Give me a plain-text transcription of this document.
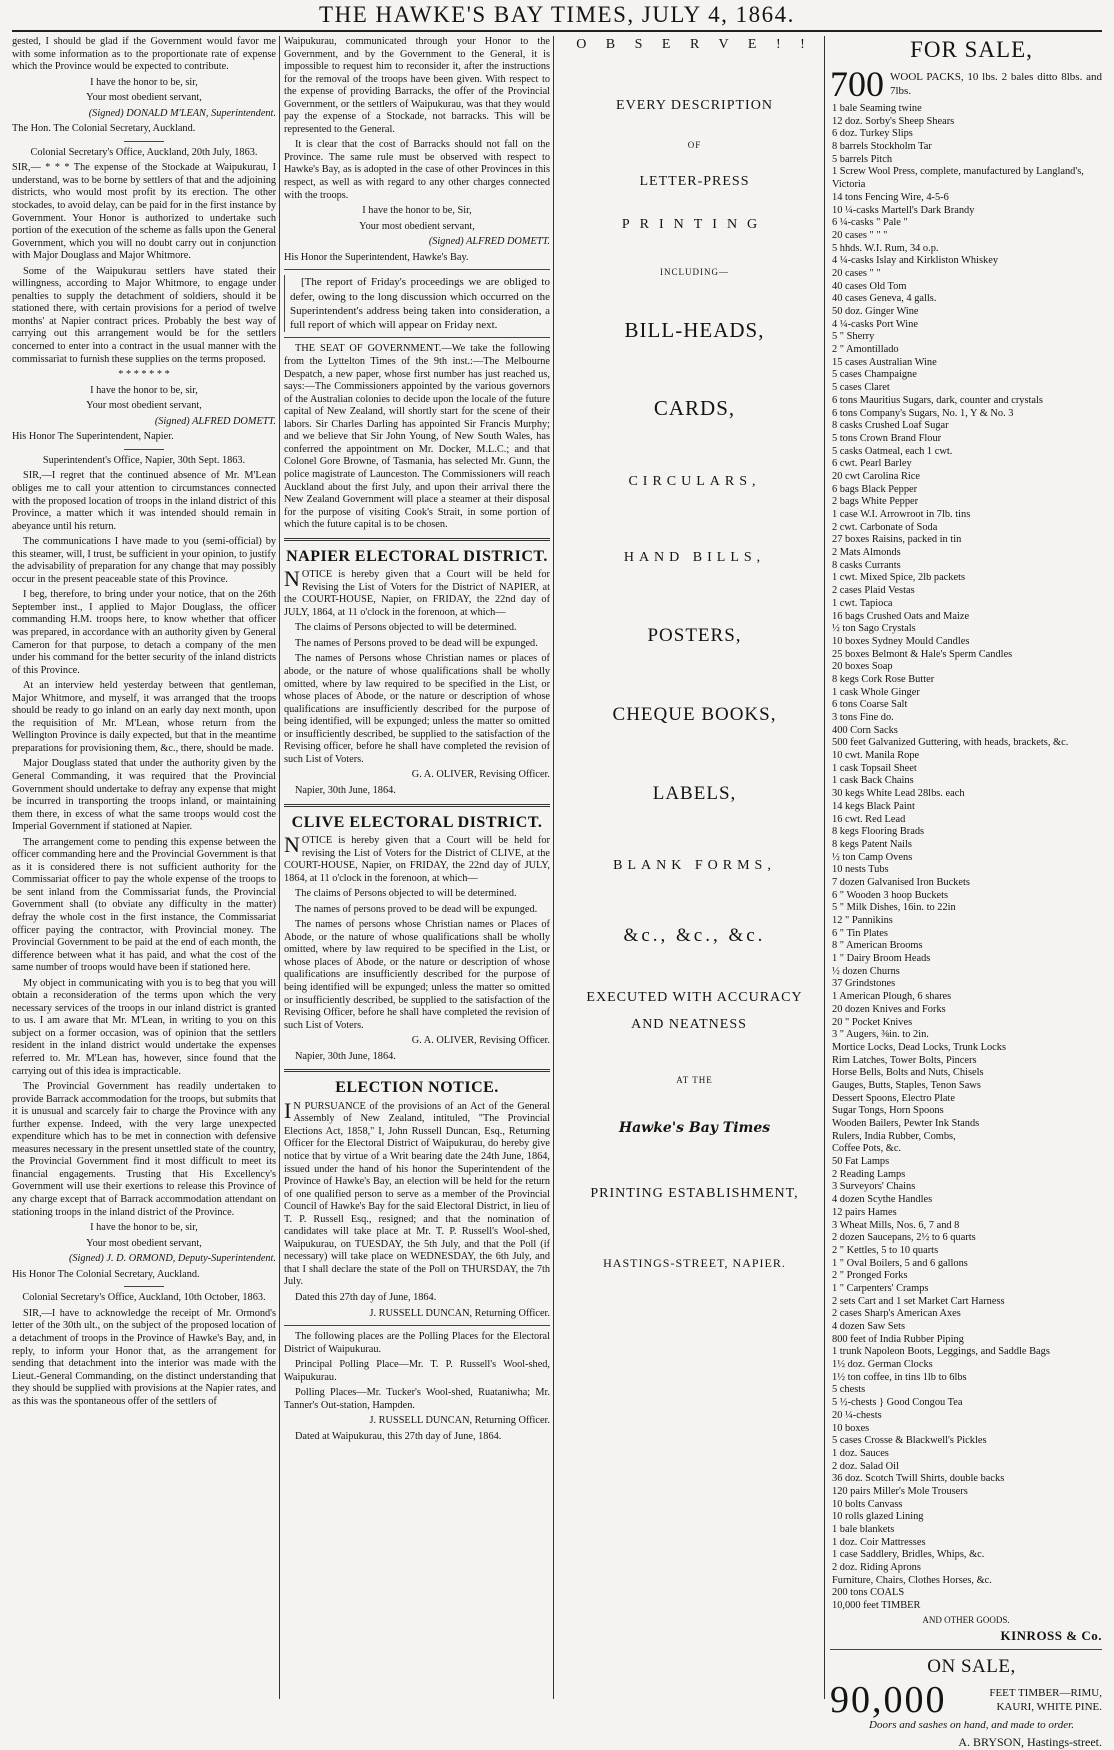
THE HAWKE'S BAY TIMES, JULY 4, 1864.

gested, I should be glad if the Government would favor me with some information as to the proportionate rate of expense which the Province would be expected to contribute.

I have the honor to be, sir,

Your most obedient servant,

(Signed) DONALD M'LEAN, Superintendent.

The Hon. The Colonial Secretary, Auckland.

Colonial Secretary's Office, Auckland, 20th July, 1863.

SIR,— * * * The expense of the Stockade at Waipukurau, I understand, was to be borne by settlers of that and the adjoining districts, who would most profit by its erection. The other stockades, to avoid delay, can be paid for in the first instance by Government. Your Honor is authorized to undertake such portion of the execution of the scheme as falls upon the General Government, which you will no doubt carry out in conjunction with Major Douglass and Major Whitmore.

Some of the Waipukurau settlers have stated their willingness, according to Major Whitmore, to engage under penalties to supply the detachment of soldiers, should it be stationed there, with certain provisions for a period of twelve months' at Napier contract prices. Probably the best way of carrying out this arrangement would be for the settlers concerned to enter into a contract in the usual manner with the commissariat to furnish these supplies on the terms proposed.

* * * * * * *

I have the honor to be, sir,

Your most obedient servant,

(Signed) ALFRED DOMETT.

His Honor The Superintendent, Napier.

Superintendent's Office, Napier, 30th Sept. 1863.

SIR,—I regret that the continued absence of Mr. M'Lean obliges me to call your attention to circumstances connected with the proposed location of troops in the inland district of this Province, a matter which it was intended should remain in abeyance until his return.

The communications I have made to you (semi-official) by this steamer, will, I trust, be sufficient in your opinion, to justify the advisability of preparation for any change that may possibly occur in the present peaceable state of this Province.

I beg, therefore, to bring under your notice, that on the 26th September inst., I applied to Major Douglass, the officer commanding H.M. troops here, to know whether that officer was prepared, in accordance with an authority given by General Cameron for that purpose, to detach a company of the men under his command for the better security of the inland districts of this Province.

At an interview held yesterday between that gentleman, Major Whitmore, and myself, it was arranged that the troops should be ready to go inland on an early day next month, upon the requisition of Mr. M'Lean, whose return from the Wellington Province is daily expected, but that in the meantime preparations for provisioning them, &c., there, should be made.

Major Douglass stated that under the authority given by the General Commanding, it was required that the Provincial Government should undertake to defray any expense that might be incurred in transporting the troops inland, or maintaining them there, in excess of what the same troops would cost the Imperial Government if stationed at Napier.

The arrangement come to pending this expense between the officer commanding here and the Provincial Government is that as it is considered there is not sufficient authority for the Commissariat officer to pay the whole expense of the troops to be sent inland from the Commissariat funds, the Provincial Government shall (to obviate any difficulty in the matter) defray the whole cost in the first instance, the Commissariat officer paying the contractor, with Provincial money. The Provincial Government to be paid at the end of each month, the difference between what it has paid, and what the cost of the same number of troops would have been if stationed here.

My object in communicating with you is to beg that you will obtain a reconsideration of the terms upon which the very necessary services of the troops in our inland district is granted to us. I am aware that Mr. M'Lean, in writing to you on this subject on a former occasion, was of opinion that the settlers resident in the inland district would undertake the expenses referred to. Mr. M'Lean has, however, since found that the carrying out of this idea is impracticable.

The Provincial Government has readily undertaken to provide Barrack accommodation for the troops, but submits that it is unusual and scarcely fair to charge the Province with any further expense. Indeed, with the very large unexpected expenditure which has to be met in connection with defensive measures necessary in the present unsettled state of the country, the Provincial Government find it most difficult to meet its financial engagements. Trusting that His Excellency's Government will use their exertions to release this Province of any charge except that of Barrack accommodation attendant on stationing troops in the inland district of the Province.

I have the honor to be, sir,

Your most obedient servant,

(Signed) J. D. ORMOND, Deputy-Superintendent.

His Honor The Colonial Secretary, Auckland.

Colonial Secretary's Office, Auckland, 10th October, 1863.

SIR,—I have to acknowledge the receipt of Mr. Ormond's letter of the 30th ult., on the subject of the proposed location of a detachment of troops in the Province of Hawke's Bay, and, in reply, to inform your Honor that, as the arrangement for sending that detachment into the interior was made with the Lieut.-General Commanding, on the distinct understanding that they should be supplied with provisions at the Napier rates, and as this was the spontaneous offer of the settlers of

Waipukurau, communicated through your Honor to the Government, and by the Government to the General, it is impossible to request him to reconsider it, after the instructions for the removal of the troops have been given. With respect to the expense of providing Barracks, the offer of the Provincial Government, or the settlers of Waipukurau, was that they would pay the expense of a Stockade, not barracks. This will be represented to the General.

It is clear that the cost of Barracks should not fall on the Province. The same rule must be observed with respect to Hawke's Bay, as is adopted in the case of other Provinces in this respect, as well as with regard to any other charges connected with the troops.

I have the honor to be, Sir,

Your most obedient servant,

(Signed) ALFRED DOMETT.

His Honor the Superintendent, Hawke's Bay.

[The report of Friday's proceedings we are obliged to defer, owing to the long discussion which occurred on the Superintendent's address being taken into consideration, a full report of which will appear on Friday next.

THE SEAT OF GOVERNMENT.—We take the following from the Lyttelton Times of the 9th inst.:—The Melbourne Despatch, a new paper, whose first number has just reached us, says:—The Commissioners appointed by the various governors of the Australian colonies to decide upon the locale of the future capital of New Zealand, will shortly start for the scene of their labors. Sir Charles Darling has appointed Sir Francis Murphy; and we believe that Sir John Young, of New South Wales, has conferred the appointment on Mr. Docker, M.L.C.; and that Colonel Gore Browne, of Tasmania, has selected Mr. Gunn, the police magistrate of Launceston. The Commissioners will reach Auckland about the first July, and upon their arrival there the New Zealand Government will place a steamer at their disposal for the purpose of visiting Cook's Strait, in some portion of which the future capital is to be chosen.

NAPIER ELECTORAL DISTRICT.

NOTICE is hereby given that a Court will be held for Revising the List of Voters for the District of NAPIER, at the COURT-HOUSE, Napier, on FRIDAY, the 22nd day of JULY, 1864, at 11 o'clock in the forenoon, at which—

The claims of Persons objected to will be determined.

The names of Persons proved to be dead will be expunged.

The names of Persons whose Christian names or places of abode, or the nature of whose qualifications shall be wholly omitted, where by law required to be specified in the List, or whose places of Abode, or the nature or description of whose qualifications are insufficiently described for the purpose of being identified, will be expunged; unless the matter so omitted or insufficiently described, be supplied to the satisfaction of the Revising officer, before he shall have completed the revision of such List of Voters.

G. A. OLIVER, Revising Officer.

Napier, 30th June, 1864.

CLIVE ELECTORAL DISTRICT.

NOTICE is hereby given that a Court will be held for revising the List of Voters for the District of CLIVE, at the COURT-HOUSE, Napier, on FRIDAY, the 22nd day of JULY, 1864, at 11 o'clock in the forenoon, at which—

The claims of Persons objected to will be determined.

The names of persons proved to be dead will be expunged.

The names of persons whose Christian names or Places of Abode, or the nature of whose qualifications shall be wholly omitted, where by law required to be specified in the List, or whose places of Abode, or the nature or description of whose qualifications are insufficiently described for the purpose of being identified will be expunged; unless the matter so omitted or insufficiently described, be supplied to the satisfaction of the Revising Officer, before he shall have completed the revision of such List of Voters.

G. A. OLIVER, Revising Officer.

Napier, 30th June, 1864.

ELECTION NOTICE.

IN PURSUANCE of the provisions of an Act of the General Assembly of New Zealand, intituled, "The Provincial Elections Act, 1858," I, John Russell Duncan, Esq., Returning Officer for the Electoral District of Waipukurau, do hereby give notice that by virtue of a Writ bearing date the 24th June, 1864, issued under the hand of his honor the Superintendent of the Province of Hawke's Bay, an election will be held for the return of one qualified person to serve as a member of the Provincial Council of Hawke's Bay for the said Electoral District, in lieu of T. P. Russell Esq., resigned; and that the nomination of candidates will take place at Mr. T. P. Russell's Wool-shed, Waipukurau, on TUESDAY, the 5th July, and that the Poll (if necessary) will take place on WEDNESDAY, the 6th July, and that I shall declare the state of the Poll on THURSDAY, the 7th July.

Dated this 27th day of June, 1864.

J. RUSSELL DUNCAN, Returning Officer.

The following places are the Polling Places for the Electoral District of Waipukurau.

Principal Polling Place—Mr. T. P. Russell's Wool-shed, Waipukurau.

Polling Places—Mr. Tucker's Wool-shed, Ruataniwha; Mr. Tanner's Out-station, Hampden.

J. RUSSELL DUNCAN, Returning Officer.

Dated at Waipukurau, this 27th day of June, 1864.

O B S E R V E ! !

EVERY DESCRIPTION

OF

LETTER-PRESS

PRINTING

INCLUDING—

BILL-HEADS,

CARDS,

CIRCULARS,

HAND BILLS,

POSTERS,

CHEQUE BOOKS,

LABELS,

BLANK FORMS,

&c., &c., &c.

EXECUTED WITH ACCURACY AND NEATNESS

AT THE

Hawke's Bay Times

PRINTING ESTABLISHMENT,

HASTINGS-STREET, NAPIER.

FOR SALE,

700 WOOL PACKS, 10 lbs. 2 bales ditto 8lbs. and 7lbs.
1 bale Seaming twine
12 doz. Sorby's Sheep Shears
6 doz. Turkey Slips
8 barrels Stockholm Tar
5 barrels Pitch
1 Screw Wool Press, complete, manufactured by Langland's, Victoria
14 tons Fencing Wire, 4-5-6
10 ¼-casks Martell's Dark Brandy
6 ¼-casks " Pale "
20 cases " " "
5 hhds. W.I. Rum, 34 o.p.
4 ¼-casks Islay and Kirkliston Whiskey
20 cases " "
40 cases Old Tom
40 cases Geneva, 4 galls.
50 doz. Ginger Wine
4 ¼-casks Port Wine
5 " Sherry
2 " Amontillado
15 cases Australian Wine
5 cases Champaigne
5 cases Claret
6 tons Mauritius Sugars, dark, counter and crystals
6 tons Company's Sugars, No. 1, Y & No. 3
8 casks Crushed Loaf Sugar
5 tons Crown Brand Flour
5 casks Oatmeal, each 1 cwt.
6 cwt. Pearl Barley
20 cwt Carolina Rice
6 bags Black Pepper
2 bags White Pepper
1 case W.I. Arrowroot in 7lb. tins
2 cwt. Carbonate of Soda
27 boxes Raisins, packed in tin
2 Mats Almonds
8 casks Currants
1 cwt. Mixed Spice, 2lb packets
2 cases Plaid Vestas
1 cwt. Tapioca
16 bags Crushed Oats and Maize
½ ton Sago Crystals
10 boxes Sydney Mould Candles
25 boxes Belmont & Hale's Sperm Candles
20 boxes Soap
8 kegs Cork Rose Butter
1 cask Whole Ginger
6 tons Coarse Salt
3 tons Fine do.
400 Corn Sacks
500 feet Galvanized Guttering, with heads, brackets, &c.
10 cwt. Manila Rope
1 cask Topsail Sheet
1 cask Back Chains
30 kegs White Lead 28lbs. each
14 kegs Black Paint
16 cwt. Red Lead
8 kegs Flooring Brads
8 kegs Patent Nails
½ ton Camp Ovens
10 nests Tubs
7 dozen Galvanised Iron Buckets
6 " Wooden 3 hoop Buckets
5 " Milk Dishes, 16in. to 22in
12 " Pannikins
6 " Tin Plates
8 " American Brooms
1 " Dairy Broom Heads
½ dozen Churns
37 Grindstones
1 American Plough, 6 shares
20 dozen Knives and Forks
20 " Pocket Knives
3 " Augers, ⅜in. to 2in.
Mortice Locks, Dead Locks, Trunk Locks
Rim Latches, Tower Bolts, Pincers
Horse Bells, Bolts and Nuts, Chisels
Gauges, Butts, Staples, Tenon Saws
Dessert Spoons, Electro Plate
Sugar Tongs, Horn Spoons
Wooden Bailers, Pewter Ink Stands
Rulers, India Rubber, Combs,
Coffee Pots, &c.
50 Fat Lamps
2 Reading Lamps
3 Surveyors' Chains
4 dozen Scythe Handles
12 pairs Hames
3 Wheat Mills, Nos. 6, 7 and 8
2 dozen Saucepans, 2½ to 6 quarts
2 " Kettles, 5 to 10 quarts
1 " Oval Boilers, 5 and 6 gallons
2 " Pronged Forks
1 " Carpenters' Cramps
2 sets Cart and 1 set Market Cart Harness
2 cases Sharp's American Axes
4 dozen Saw Sets
800 feet of India Rubber Piping
1 trunk Napoleon Boots, Leggings, and Saddle Bags
1½ doz. German Clocks
1½ ton coffee, in tins 1lb to 6lbs
5 chests
5 ½-chests } Good Congou Tea
20 ¼-chests
10 boxes
5 cases Crosse & Blackwell's Pickles
1 doz. Sauces
2 doz. Salad Oil
36 doz. Scotch Twill Shirts, double backs
120 pairs Miller's Mole Trousers
10 bolts Canvass
10 rolls glazed Lining
1 bale blankets
1 doz. Coir Mattresses
1 case Saddlery, Bridles, Whips, &c.
2 doz. Riding Aprons
Furniture, Chairs, Clothes Horses, &c.
200 tons COALS
10,000 feet TIMBER

AND OTHER GOODS.

KINROSS & Co.

ON SALE,

90,000	FEET TIMBER—RIMU, KAURI, WHITE PINE.

Doors and sashes on hand, and made to order.

A. BRYSON, Hastings-street.
